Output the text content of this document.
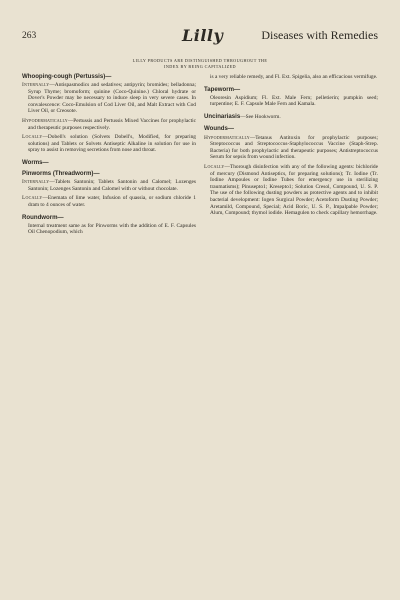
263	Lilly	Diseases with Remedies
LILLY PRODUCTS ARE DISTINGUISHED THROUGHOUT THE
INDEX BY BEING CAPITALIZED
Whooping-cough (Pertussis)—

Internally—Antispasmodics and sedatives; antipyrin; bromides; belladonna; Syrup Thyme; bromoform; quinine (Coco-Quinine.) Chloral hydrate or Dover's Powder may be necessary to induce sleep in very severe cases. In convalescence: Coco-Emulsion of Cod Liver Oil, and Malt Extract with Cod Liver Oil, or Creosote.

Hypodermatically—Pertussis and Pertussis Mixed Vaccines for prophylactic and therapeutic purposes respectively.

Locally—Dobell's solution (Solvets Dobell's, Modified, for preparing solutions) and Tablets or Solvets Antiseptic Alkaline in solution for use in spray to assist in removing secretions from nose and throat.

Worms—
Pinworms (Threadworm)—

Internally—Tablets Santonin; Tablets Santonin and Calomel; Lozenges Santonin; Lozenges Santonin and Calomel with or without chocolate.

Locally—Enemata of lime water, Infusion of quassia, or sodium chloride 1 dram to 4 ounces of water.

Roundworm—

Internal treatment same as for Pinworms with the addition of E. F. Capsules Oil Chenopodium, which

is a very reliable remedy, and Fl. Ext. Spigelia, also an efficacious vermifuge.

Tapeworm—

Oleoresin Aspidium; Fl. Ext. Male Fern; pelletierin; pumpkin seed; turpentine; E. F. Capsule Male Fern and Kamala.

Uncinariasis—See Hookworm.

Wounds—

Hypodermatically—Tetanus Antitoxin for prophylactic purposes; Streptococcus and Streptococcus-Staphylococcus Vaccine (Staph-Strep. Bacteria) for both prophylactic and therapeutic purposes; Antistreptococcus Serum for sepsis from wound infection.

Locally—Thorough disinfection with any of the following agents: bichloride of mercury (Dismond Antiseptics, for preparing solutions); Tr. Iodine (Tr. Iodine Ampoules or Iodine Tubes for emergency use in sterilizing traumatisms); Pinusepto1; Kresepto1; Solution Cresol, Compound, U. S. P. The use of the following dusting powders as protective agents and to inhibit bacterial development: Iogen Surgical Powder; Acetoform Dusting Powder; Aretamild, Compound, Special; Acid Boric, U. S. P., Impalpable Powder; Alum, Compound; thymol iodide. Hemagulen to check capillary hemorrhage.
